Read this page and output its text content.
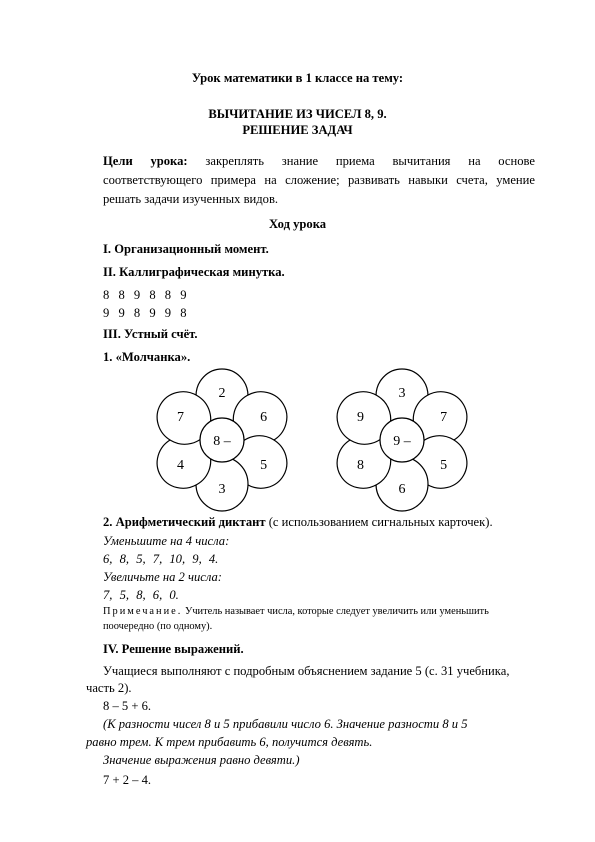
Урок математики в 1 классе на тему:
ВЫЧИТАНИЕ ИЗ ЧИСЕЛ 8, 9.
РЕШЕНИЕ ЗАДАЧ
Цели урока: закреплять знание приема вычитания на основе соответствующего примера на сложение; развивать навыки счета, умение решать задачи изученных видов.
Ход урока
I. Организационный момент.
II. Каллиграфическая минутка.
8 8 9 8 8 9
9 9 8 9 9 8
III. Устный счёт.
1. «Молчанка».
2
6
5
3
4
7
8 –
3
7
5
6
8
9
9 –
2. Арифметический диктант (с использованием сигнальных карточек).
Уменьшите на 4 числа:
6, 8, 5, 7, 10, 9, 4.
Увеличьте на 2 числа:
7, 5, 8, 6, 0.
Примечание. Учитель называет числа, которые следует увеличить или уменьшить
поочередно (по одному).
IV. Решение выражений.
Учащиеся выполняют с подробным объяснением задание 5 (с. 31 учебника,
часть 2).
8 – 5 + 6.
(К разности чисел 8 и 5 прибавили число 6. Значение разности 8 и 5
равно трем. К трем прибавить 6, получится девять.
Значение выражения равно девяти.)
7 + 2 – 4.
